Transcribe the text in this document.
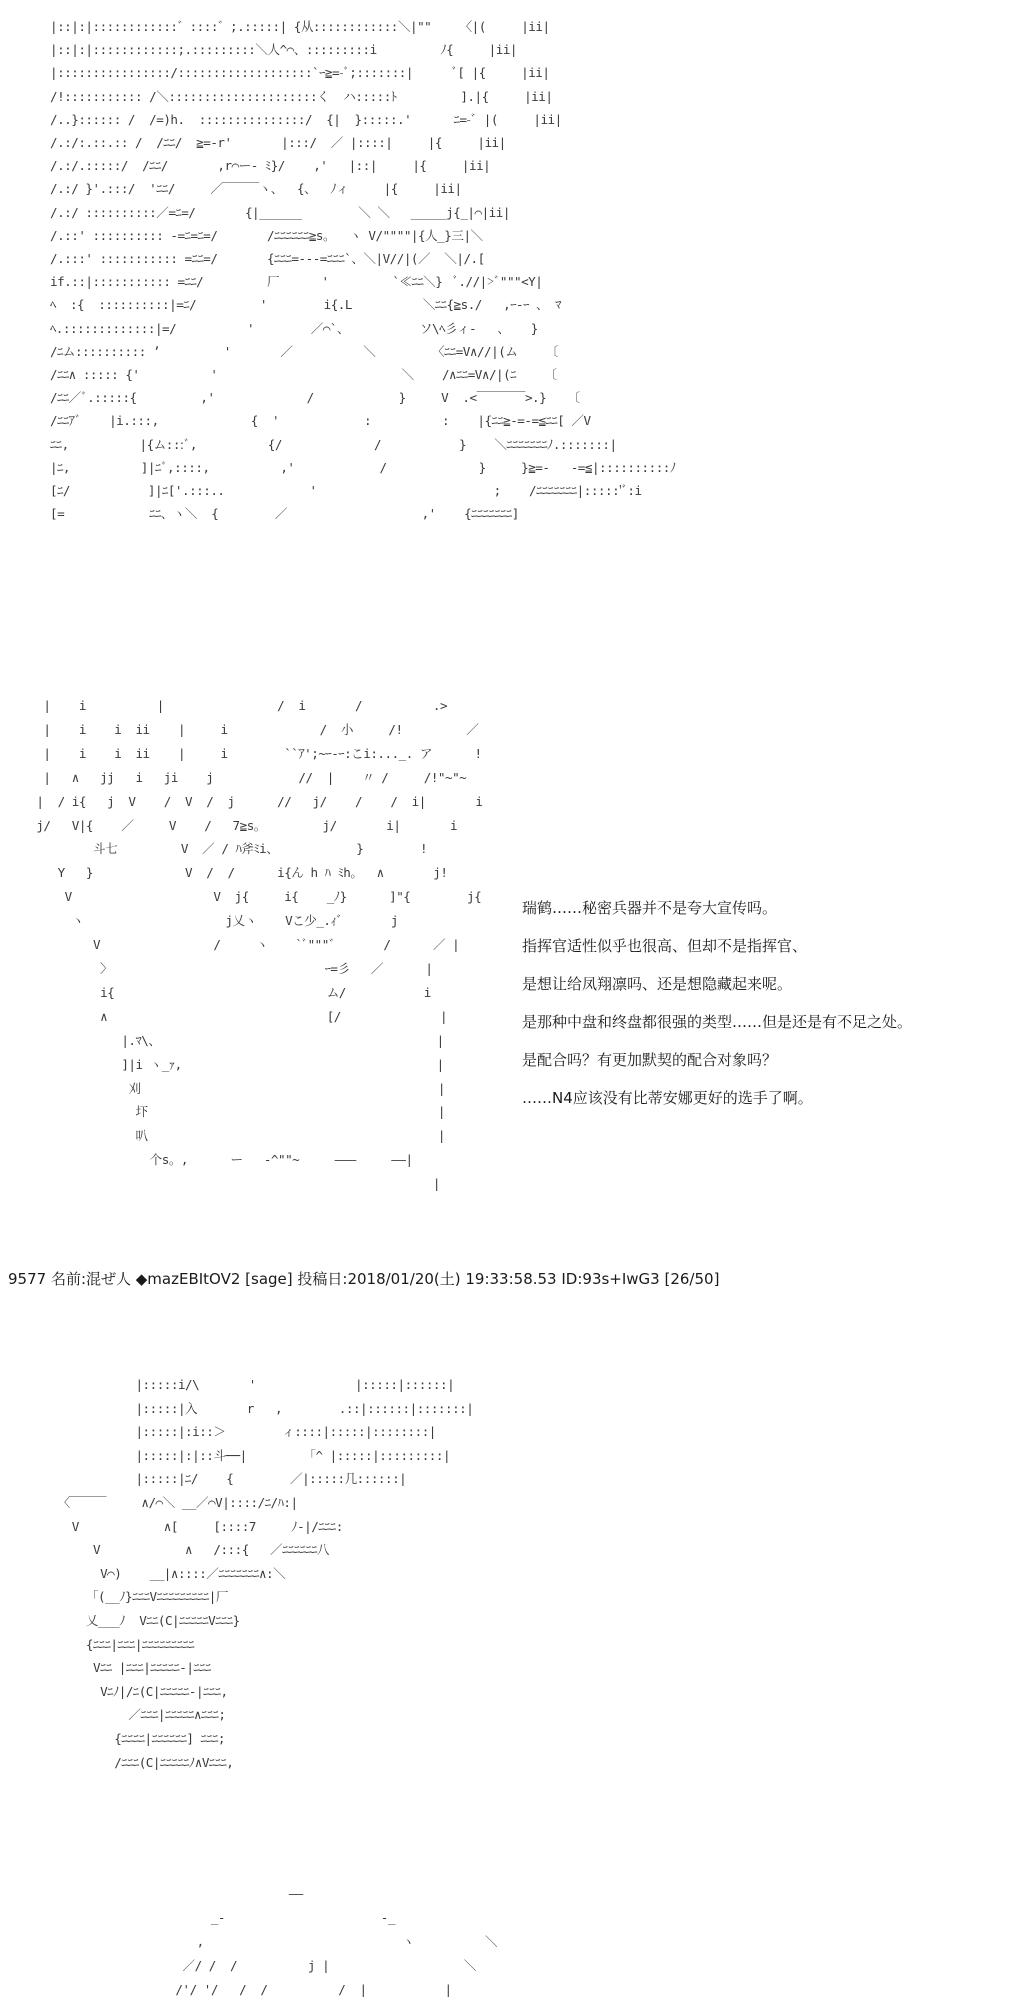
|::|:|::::::::::::゛::::゛;.:::::| {从::::::::::::＼|""    〈|(     |ii|
|::|:|::::::::::::;.:::::::::＼人^⌒、:::::::::i         ﾉ{     |ii|
|::::::::::::::::/:::::::::::::::::::`ｰ≧=-ﾞ;:::::::|      ﾞ[ |{     |ii|
/!::::::::::: /＼:::::::::::::::::::::く  ハ:::::ﾄ         ].|{     |ii|
/..}:::::: /  /=)h.  :::::::::::::::/  {|  }:::::.'      ﾆ=-ﾞ |(     |ii|
/.:/:.::.:: /  /ﾆﾆ/  ≧=-r'       |:::/  ／ |::::|     |{     |ii|
/.:/.:::::/  /ﾆﾆ/       ,r⌒ー- ﾐ}/    ,'   |::|     |{     |ii|
/.:/ }'.:::/  'ﾆﾆ/     ／￣￣￣ヽ、  {、  ﾉィ     |{     |ii|
/.:/ ::::::::::／=ﾆ=/       {|______        ＼ ＼   _____j{_|⌒|ii|
/.::' :::::::::: -=ﾆ=ﾆ=/       /ﾆﾆﾆﾆﾆﾆ≧s。  ヽ V/""""|{人_}三|＼
/.:::' ::::::::::: =ﾆﾆ=/       {ﾆﾆﾆ=---=ﾆﾆﾆ`、＼|V//|(／  ＼|/.[
if.::|::::::::::: =ﾆﾆ/         厂      '         `≪ﾆﾆ＼}  ﾞ.//|>ﾞ"""<Y|
ﾍ  :{  ::::::::::|=ﾆ/         '        i{.L          ＼ﾆﾆ{≧s./   ,ｰ-ｰ 、 ﾏ
ﾍ.:::::::::::::|=/          '        ／⌒`、          ソ\ﾍ彡ィ-   、   }
/ﾆム:::::::::: ʼ         '       ／          ＼        〈ﾆﾆ=V∧//|(ム    〔
/ﾆﾆ∧ ::::: {'          '                          ＼    /∧ﾆﾆ=V∧/|(ﾆ    〔
/ﾆﾆ／ﾞ.:::::{         ,'             /            }     V  .<￣￣￣￣>.}   〔
/ﾆﾆｱﾞ    |i.:::,             {  '            :          :    |{ﾆﾆ≧-=-=≦ﾆﾆ[ ／V
ﾆﾆ,          |{ム:::ﾞ,          {/             /           }    ＼ﾆﾆﾆﾆﾆﾆﾆﾉ.:::::::|
|ﾆ,          ]|ﾆﾞ,::::,          ,'            /             }     }≧=-   -=≦|::::::::::ﾉ
[ﾆ/           ]|ﾆ['.:::..            '                         ;    /ﾆﾆﾆﾆﾆﾆﾆ|:::::'ﾞ:i
[=            ﾆﾆ、ヽ＼  {        ／                   ,'    {ﾆﾆﾆﾆﾆﾆﾆ]
|    i          |                /  i       /          .>
|    i    i  ii    |     i             /  小     /!         ／
|    i    i  ii    |     i        ``ｱ';~ｰ-ｰ:こi:..._. ア      !
|   ∧   jj   i   ji    j            //  |    〃 /     /!"~"~
|  / i{   j  V    /  V  /  j      //   j/    /    /  i|       i
j/   V|{    ／     V    /   7≧s。        j/       i|       i
斗七         V  ／ / ﾊ斧ﾐi、           }        !
Y   }             V  /  /      i{ん h ﾊ ﾐh。  ∧       j!
V                    V  j{     i{    _ﾉ}      ]"{        j{
ヽ                    j乂ヽ    Vこ少_.ｨ゛      j
V                /     ヽ    `ﾞ"""゛      /      ／ |
〉                              ｰ=彡   ／      |
i{                              ム/           i
∧                               [/              |
|.ﾏ\、                                       |
]|i ヽ_ｧ,                                    |
刈                                          |
圷                                         |
叭                                         |
个s。,      ー   -^""~     ―――     ――|
|
瑞鹤……秘密兵器并不是夸大宣传吗。
指挥官适性似乎也很高、但却不是指挥官、
是想让给凤翔凛吗、还是想隐藏起来呢。
是那种中盘和终盘都很强的类型……但是还是有不足之处。
是配合吗？有更加默契的配合对象吗？
……N4应该没有比蒂安娜更好的选手了啊。
9577 名前:混ぜ人 ◆mazEBItOV2 [sage] 投稿日:2018/01/20(土) 19:33:58.53 ID:93s+IwG3 [26/50]
|:::::i/\       '              |:::::|::::::|
|:::::|入       r   ,        .::|::::::|:::::::|
|:::::|:i::＞        ィ::::|:::::|::::::::|
|:::::|:|::斗──|        「^ |:::::|:::::::::|
|:::::|ﾆ/    {        ／|:::::几::::::|
〈￣￣￣     ∧/⌒＼ __／⌒V|::::/ﾆ/ﾊ:|
V            ∧[     [::::7     ﾉ-|/ﾆﾆﾆ:
V            ∧   /:::{   ／ﾆﾆﾆﾆﾆﾆ八
V⌒)    __|∧::::／ﾆﾆﾆﾆﾆﾆﾆ∧:＼
「(__ﾉ}ﾆﾆﾆVﾆﾆﾆﾆﾆﾆﾆﾆﾆ|厂
乂___ﾉ  Vﾆﾆ(C|ﾆﾆﾆﾆﾆVﾆﾆﾆ}
{ﾆﾆﾆ|ﾆﾆﾆ|ﾆﾆﾆﾆﾆﾆﾆﾆﾆ
Vﾆﾆ |ﾆﾆﾆ|ﾆﾆﾆﾆﾆ-|ﾆﾆﾆ
Vﾆﾉ|/ﾆ(C|ﾆﾆﾆﾆﾆ-|ﾆﾆﾆ,
／ﾆﾆﾆ|ﾆﾆﾆﾆﾆ∧ﾆﾆﾆ;
{ﾆﾆﾆﾆ|ﾆﾆﾆﾆﾆﾆ] ﾆﾆﾆ;
/ﾆﾆﾆ(C|ﾆﾆﾆﾆﾆﾉ∧Vﾆﾆﾆ,
――
_-                      -_
,                            ヽ          ＼
／/ /  /          j |                   ＼
/'/ '/   /  /          /  |           |
